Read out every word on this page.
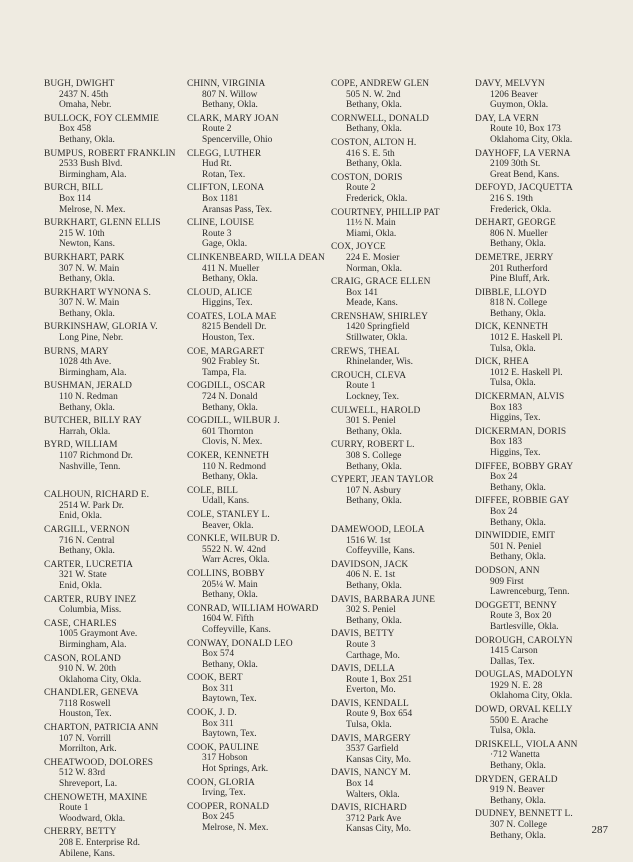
BUGH, DWIGHT
2437 N. 45th
Omaha, Nebr.
BULLOCK, FOY CLEMMIE
Box 458
Bethany, Okla.
BUMPUS, ROBERT FRANKLIN
2533 Bush Blvd.
Birmingham, Ala.
BURCH, BILL
Box 114
Melrose, N. Mex.
BURKHART, GLENN ELLIS
215 W. 10th
Newton, Kans.
BURKHART, PARK
307 N. W. Main
Bethany, Okla.
BURKHART WYNONA S.
307 N. W. Main
Bethany, Okla.
BURKINSHAW, GLORIA V.
Long Pine, Nebr.
BURNS, MARY
1028 4th Ave.
Birmingham, Ala.
BUSHMAN, JERALD
110 N. Redman
Bethany, Okla.
BUTCHER, BILLY RAY
Harrah, Okla.
BYRD, WILLIAM
1107 Richmond Dr.
Nashville, Tenn.
CALHOUN, RICHARD E.
2514 W. Park Dr.
Enid, Okla.
CARGILL, VERNON
716 N. Central
Bethany, Okla.
CARTER, LUCRETIA
321 W. State
Enid, Okla.
CARTER, RUBY INEZ
Columbia, Miss.
CASE, CHARLES
1005 Graymont Ave.
Birmingham, Ala.
CASON, ROLAND
910 N. W. 20th
Oklahoma City, Okla.
CHANDLER, GENEVA
7118 Roswell
Houston, Tex.
CHARTON, PATRICIA ANN
107 N. Vorrill
Morrilton, Ark.
CHEATWOOD, DOLORES
512 W. 83rd
Shreveport, La.
CHENOWETH, MAXINE
Route 1
Woodward, Okla.
CHERRY, BETTY
208 E. Enterprise Rd.
Abilene, Kans.
CHINN, VIRGINIA
807 N. Willow
Bethany, Okla.
CLARK, MARY JOAN
Route 2
Spencerville, Ohio
CLEGG, LUTHER
Hud Rt.
Rotan, Tex.
CLIFTON, LEONA
Box 1181
Aransas Pass, Tex.
CLINE, LOUISE
Route 3
Gage, Okla.
CLINKENBEARD, WILLA DEAN
411 N. Mueller
Bethany, Okla.
CLOUD, ALICE
Higgins, Tex.
COATES, LOLA MAE
8215 Bendell Dr.
Houston, Tex.
COE, MARGARET
902 Frabley St.
Tampa, Fla.
COGDILL, OSCAR
724 N. Donald
Bethany, Okla.
COGDILL, WILBUR J.
601 Thornton
Clovis, N. Mex.
COKER, KENNETH
110 N. Redmond
Bethany, Okla.
COLE, BILL
Udall, Kans.
COLE, STANLEY L.
Beaver, Okla.
CONKLE, WILBUR D.
5522 N. W. 42nd
Warr Acres, Okla.
COLLINS, BOBBY
205¼ W. Main
Bethany, Okla.
CONRAD, WILLIAM HOWARD
1604 W. Fifth
Coffeyville, Kans.
CONWAY, DONALD LEO
Box 574
Bethany, Okla.
COOK, BERT
Box 311
Baytown, Tex.
COOK, J. D.
Box 311
Baytown, Tex.
COOK, PAULINE
317 Hobson
Hot Springs, Ark.
COON, GLORIA
Irving, Tex.
COOPER, RONALD
Box 245
Melrose, N. Mex.
COPE, ANDREW GLEN
505 N. W. 2nd
Bethany, Okla.
CORNWELL, DONALD
Bethany, Okla.
COSTON, ALTON H.
416 S. E. 5th
Bethany, Okla.
COSTON, DORIS
Route 2
Frederick, Okla.
COURTNEY, PHILLIP PAT
11½ N. Main
Miami, Okla.
COX, JOYCE
224 E. Mosier
Norman, Okla.
CRAIG, GRACE ELLEN
Box 141
Meade, Kans.
CRENSHAW, SHIRLEY
1420 Springfield
Stillwater, Okla.
CREWS, THEAL
Rhinelander, Wis.
CROUCH, CLEVA
Route 1
Lockney, Tex.
CULWELL, HAROLD
301 S. Peniel
Bethany, Okla.
CURRY, ROBERT L.
308 S. College
Bethany, Okla.
CYPERT, JEAN TAYLOR
107 N. Asbury
Bethany, Okla.
DAMEWOOD, LEOLA
1516 W. 1st
Coffeyville, Kans.
DAVIDSON, JACK
406 N. E. 1st
Bethany, Okla.
DAVIS, BARBARA JUNE
302 S. Peniel
Bethany, Okla.
DAVIS, BETTY
Route 3
Carthage, Mo.
DAVIS, DELLA
Route 1, Box 251
Everton, Mo.
DAVIS, KENDALL
Route 9, Box 654
Tulsa, Okla.
DAVIS, MARGERY
3537 Garfield
Kansas City, Mo.
DAVIS, NANCY M.
Box 14
Walters, Okla.
DAVIS, RICHARD
3712 Park Ave
Kansas City, Mo.
DAVY, MELVYN
1206 Beaver
Guymon, Okla.
DAY, LA VERN
Route 10, Box 173
Oklahoma City, Okla.
DAYHOFF, LA VERNA
2109 30th St.
Great Bend, Kans.
DEFOYD, JACQUETTA
216 S. 19th
Frederick, Okla.
DEHART, GEORGE
806 N. Mueller
Bethany, Okla.
DEMETRE, JERRY
201 Rutherford
Pine Bluff, Ark.
DIBBLE, LLOYD
818 N. College
Bethany, Okla.
DICK, KENNETH
1012 E. Haskell Pl.
Tulsa, Okla.
DICK, RHEA
1012 E. Haskell Pl.
Tulsa, Okla.
DICKERMAN, ALVIS
Box 183
Higgins, Tex.
DICKERMAN, DORIS
Box 183
Higgins, Tex.
DIFFEE, BOBBY GRAY
Box 24
Bethany, Okla.
DIFFEE, ROBBIE GAY
Box 24
Bethany, Okla.
DINWIDDIE, EMIT
501 N. Peniel
Bethany, Okla.
DODSON, ANN
909 First
Lawrenceburg, Tenn.
DOGGETT, BENNY
Route 3, Box 20
Bartlesville, Okla.
DOROUGH, CAROLYN
1415 Carson
Dallas, Tex.
DOUGLAS, MADOLYN
1929 N. E. 28
Oklahoma City, Okla.
DOWD, ORVAL KELLY
5500 E. Arache
Tulsa, Okla.
DRISKELL, VIOLA ANN
·712 Wanetta
Bethany, Okla.
DRYDEN, GERALD
919 N. Beaver
Bethany, Okla.
DUDNEY, BENNETT L.
307 N. College
Bethany, Okla.	287
